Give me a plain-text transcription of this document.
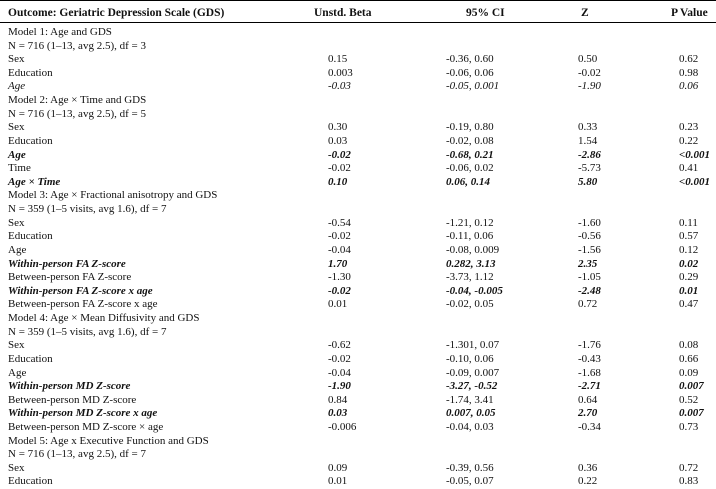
Outcome: Geriatric Depression Scale (GDS)	Unstd. Beta	95% CI	Z	P Value
Model 1: Age and GDS
N = 716 (1–13, avg 2.5), df = 3
Sex	0.15	-0.36, 0.60	0.50	0.62
Education	0.003	-0.06, 0.06	-0.02	0.98
Age	-0.03	-0.05, 0.001	-1.90	0.06
Model 2: Age × Time and GDS
N = 716 (1–13, avg 2.5), df = 5
Sex	0.30	-0.19, 0.80	0.33	0.23
Education	0.03	-0.02, 0.08	1.54	0.22
Age	-0.02	-0.68, 0.21	-2.86	<0.001
Time	-0.02	-0.06, 0.02	-5.73	0.41
Age × Time	0.10	0.06, 0.14	5.80	<0.001
Model 3: Age × Fractional anisotropy and GDS
N = 359 (1–5 visits, avg 1.6), df = 7
Sex	-0.54	-1.21, 0.12	-1.60	0.11
Education	-0.02	-0.11, 0.06	-0.56	0.57
Age	-0.04	-0.08, 0.009	-1.56	0.12
Within-person FA Z-score	1.70	0.282, 3.13	2.35	0.02
Between-person FA Z-score	-1.30	-3.73, 1.12	-1.05	0.29
Within-person FA Z-score x age	-0.02	-0.04, -0.005	-2.48	0.01
Between-person FA Z-score x age	0.01	-0.02, 0.05	0.72	0.47
Model 4: Age × Mean Diffusivity and GDS
N = 359 (1–5 visits, avg 1.6), df = 7
Sex	-0.62	-1.301, 0.07	-1.76	0.08
Education	-0.02	-0.10, 0.06	-0.43	0.66
Age	-0.04	-0.09, 0.007	-1.68	0.09
Within-person MD Z-score	-1.90	-3.27, -0.52	-2.71	0.007
Between-person MD Z-score	0.84	-1.74, 3.41	0.64	0.52
Within-person MD Z-score x age	0.03	0.007, 0.05	2.70	0.007
Between-person MD Z-score × age	-0.006	-0.04, 0.03	-0.34	0.73
Model 5: Age x Executive Function and GDS
N = 716 (1–13, avg 2.5), df = 7
Sex	0.09	-0.39, 0.56	0.36	0.72
Education	0.01	-0.05, 0.07	0.22	0.83
